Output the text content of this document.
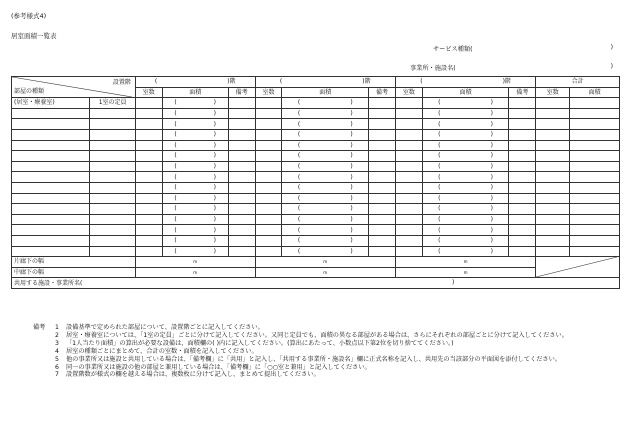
(参考様式4)
居室面積一覧表
サービス種類(	)
事業所・施設名(	)
設置階
部屋の種類		( )階			( )階			( )階			合計	
		室数	面積	備考	室数	面積	備考	室数	面積	備考	室数	面積
(居室・療養室)	1室の定員		( )			( )			( )			

			( )			( )			( )			

			( )			( )			( )			

			( )			( )			( )			

			( )			( )			( )			

			( )			( )			( )			

			( )			( )			( )			

			( )			( )			( )			

			( )			( )			( )			

			( )			( )			( )			

			( )			( )			( )			

			( )			( )			( )			

			( )			( )			( )			

			( )			( )			( )			

			( )			( )			( )			

片廊下の幅		m			m			m	

中廊下の幅		m			m			m				
共用する施設・事業所名( )												
備考	1	設備基準で定められた部屋について、設置階ごとに記入してください。
2	居室・療養室については、「1室の定員」ごとに分けて記入してください。又同じ定員でも、面積の異なる部屋がある場合は、さらにそれぞれの部屋ごとに分けて記入してください。
3	「1人当たり面積」の算出が必要な設備は、面積欄の( )内に記入してください。(算出にあたって、小数点以下第2位を切り捨ててください。)
4	居室の種類ごとにまとめて、合計の室数・面積を記入してください。
5	他の事業所又は施設と共用している場合は、「備考欄」に「共用」と記入し、「共用する事業所・施設名」欄に正式名称を記入し、共用先の当該部分の平面図を添付してください。
6	同一の事業所又は施設の他の部屋と兼用している場合は、「備考欄」に「○○室と兼用」と記入してください。
7	設置階数が様式の欄を越える場合は、複数枚に分けて記入し、まとめて提出してください。
